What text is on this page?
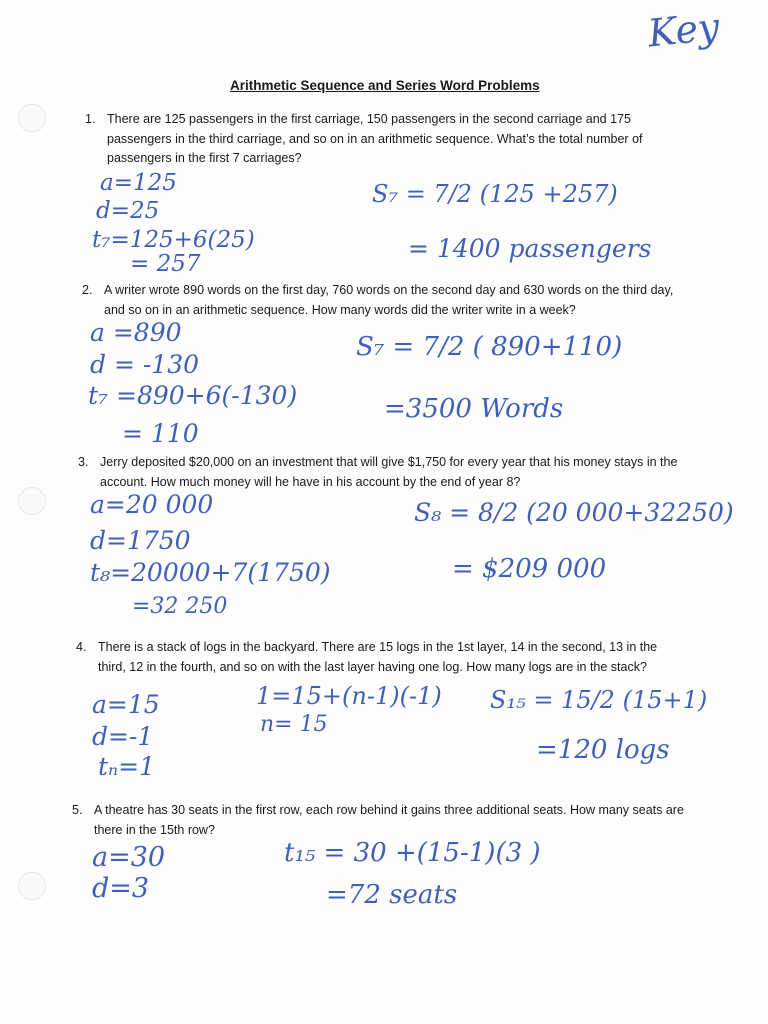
Key
Arithmetic Sequence and Series Word Problems
1. There are 125 passengers in the first carriage, 150 passengers in the second carriage and 175 passengers in the third carriage, and so on in an arithmetic sequence. What’s the total number of passengers in the first 7 carriages?
a=125
d=25
t₇=125+6(25)
= 257
S₇ = 7/2 (125 +257)
= 1400 passengers
2. A writer wrote 890 words on the first day, 760 words on the second day and 630 words on the third day, and so on in an arithmetic sequence. How many words did the writer write in a week?
a =890
d = -130
t₇ =890+6(-130)
= 110
S₇ = 7/2 ( 890+110)
=3500 Words
3. Jerry deposited $20,000 on an investment that will give $1,750 for every year that his money stays in the account. How much money will he have in his account by the end of year 8?
a=20 000
d=1750
t₈=20000+7(1750)
=32 250
S₈ = 8/2 (20 000+32250)
= $209 000
4. There is a stack of logs in the backyard. There are 15 logs in the 1st layer, 14 in the second, 13 in the third, 12 in the fourth, and so on with the last layer having one log. How many logs are in the stack?
a=15
d=-1
tₙ=1
1=15+(n-1)(-1)
n= 15
S₁₅ = 15/2 (15+1)
=120 logs
5. A theatre has 30 seats in the first row, each row behind it gains three additional seats. How many seats are there in the 15th row?
a=30
d=3
t₁₅ = 30 +(15-1)(3 )
=72 seats
